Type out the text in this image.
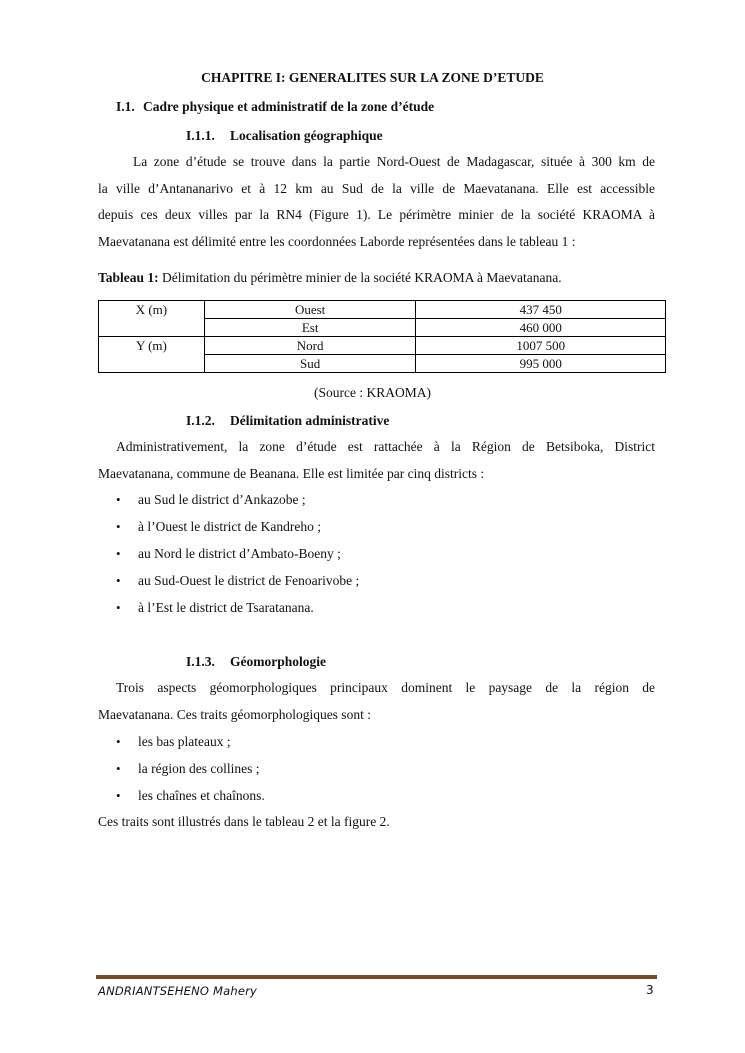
CHAPITRE I: GENERALITES SUR LA ZONE D’ETUDE
I.1. Cadre physique et administratif de la zone d’étude
I.1.1. Localisation géographique
La zone d’étude se trouve dans la partie Nord-Ouest de Madagascar, située à 300 km de
la ville d’Antananarivo et à 12 km au Sud de la ville de Maevatanana. Elle est accessible
depuis ces deux villes par la RN4 (Figure 1). Le périmètre minier de la société KRAOMA à
Maevatanana est délimité entre les coordonnées Laborde représentées dans le tableau 1 :
Tableau 1: Délimitation du périmètre minier de la société KRAOMA à Maevatanana.
X (m)	Ouest	437 450
	Est	460 000
Y (m)	Nord	1007 500
	Sud	995 000
(Source : KRAOMA)
I.1.2. Délimitation administrative
Administrativement, la zone d’étude est rattachée à la Région de Betsiboka, District
Maevatanana, commune de Beanana. Elle est limitée par cinq districts :
• au Sud le district d’Ankazobe ;
• à l’Ouest le district de Kandreho ;
• au Nord le district d’Ambato-Boeny ;
• au Sud-Ouest le district de Fenoarivobe ;
• à l’Est le district de Tsaratanana.
I.1.3. Géomorphologie
Trois aspects géomorphologiques principaux dominent le paysage de la région de
Maevatanana. Ces traits géomorphologiques sont :
• les bas plateaux ;
• la région des collines ;
• les chaînes et chaînons.
Ces traits sont illustrés dans le tableau 2 et la figure 2.
ANDRIANTSEHENO Mahery	3
